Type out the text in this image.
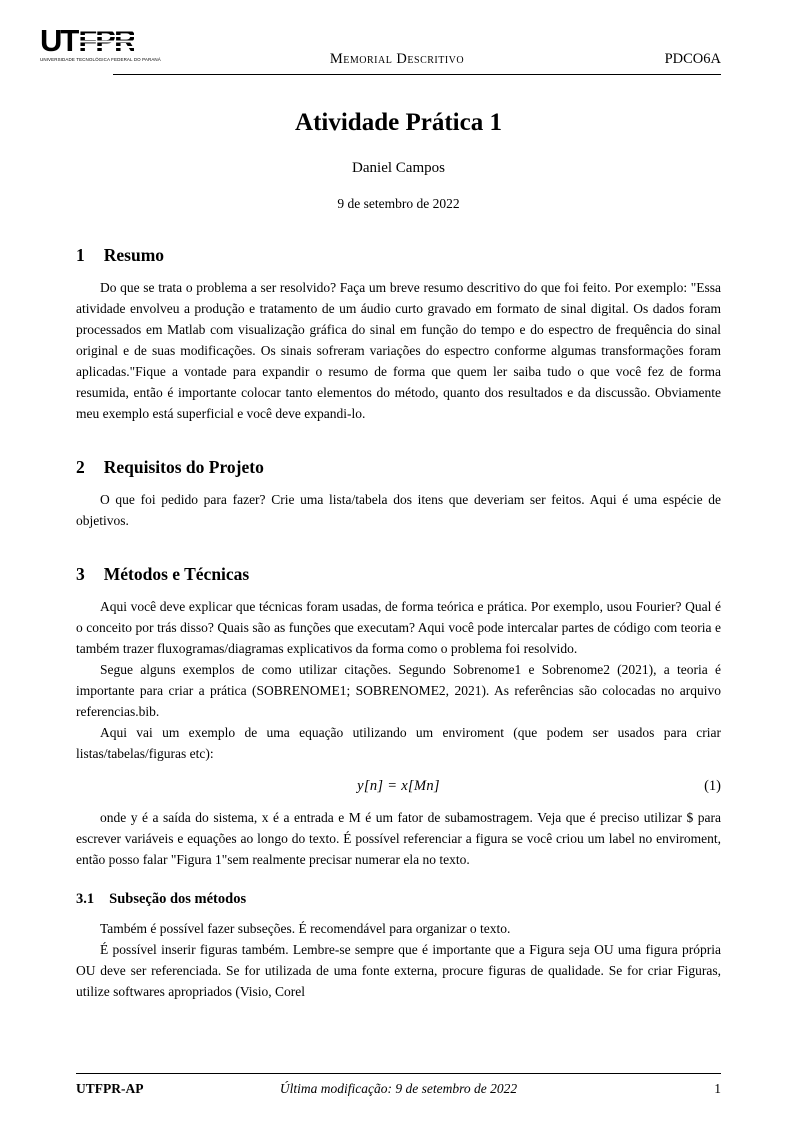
UT FPR
UNIVERSIDADE TECNOLÓGICA FEDERAL DO PARANÁ	Memorial Descritivo	PDCO6A
Atividade Prática 1
Daniel Campos
9 de setembro de 2022
1 Resumo

Do que se trata o problema a ser resolvido? Faça um breve resumo descritivo do que foi feito. Por exemplo: "Essa atividade envolveu a produção e tratamento de um áudio curto gravado em formato de sinal digital. Os dados foram processados em Matlab com visualização gráfica do sinal em função do tempo e do espectro de frequência do sinal original e de suas modificações. Os sinais sofreram variações do espectro conforme algumas transformações foram aplicadas."Fique a vontade para expandir o resumo de forma que quem ler saiba tudo o que você fez de forma resumida, então é importante colocar tanto elementos do método, quanto dos resultados e da discussão. Obviamente meu exemplo está superficial e você deve expandi-lo.

2 Requisitos do Projeto

O que foi pedido para fazer? Crie uma lista/tabela dos itens que deveriam ser feitos. Aqui é uma espécie de objetivos.

3 Métodos e Técnicas

Aqui você deve explicar que técnicas foram usadas, de forma teórica e prática. Por exemplo, usou Fourier? Qual é o conceito por trás disso? Quais são as funções que executam? Aqui você pode intercalar partes de código com teoria e também trazer fluxogramas/diagramas explicativos da forma como o problema foi resolvido.

Segue alguns exemplos de como utilizar citações. Segundo Sobrenome1 e Sobrenome2 (2021), a teoria é importante para criar a prática (SOBRENOME1; SOBRENOME2, 2021). As referências são colocadas no arquivo referencias.bib.

Aqui vai um exemplo de uma equação utilizando um enviroment (que podem ser usados para criar listas/tabelas/figuras etc):

y[n] = x[Mn]	(1)

onde y é a saída do sistema, x é a entrada e M é um fator de subamostragem. Veja que é preciso utilizar $ para escrever variáveis e equações ao longo do texto. É possível referenciar a figura se você criou um label no enviroment, então posso falar "Figura 1"sem realmente precisar numerar ela no texto.

3.1 Subseção dos métodos

Também é possível fazer subseções. É recomendável para organizar o texto.

É possível inserir figuras também. Lembre-se sempre que é importante que a Figura seja OU uma figura própria OU deve ser referenciada. Se for utilizada de uma fonte externa, procure figuras de qualidade. Se for criar Figuras, utilize softwares apropriados (Visio, Corel

UTFPR-AP	Última modificação: 9 de setembro de 2022	1
